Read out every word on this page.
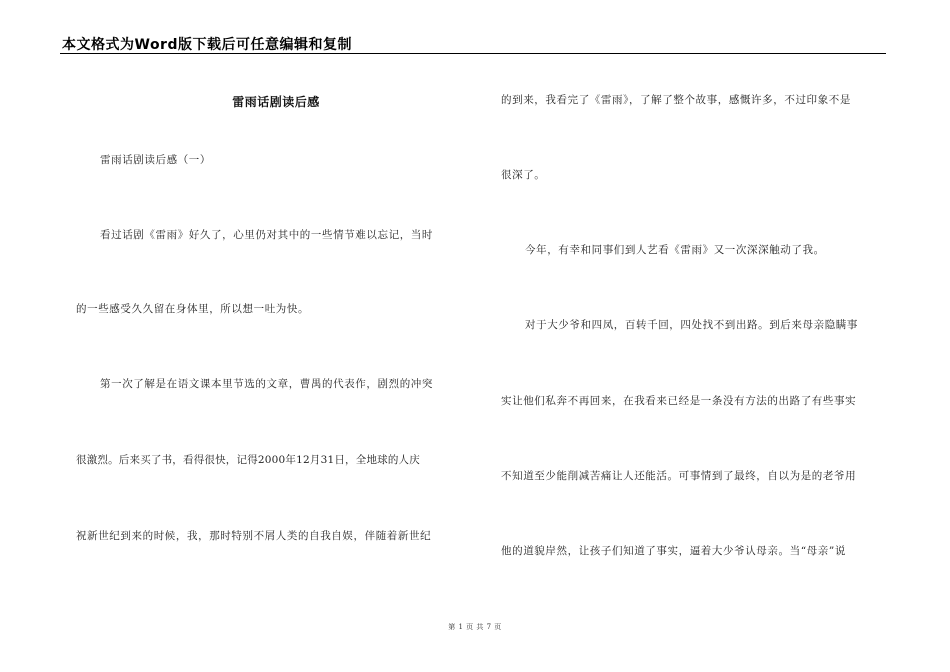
本文格式为Word版下载后可任意编辑和复制
雷雨话剧读后感
雷雨话剧读后感（一）
看过话剧《雷雨》好久了，心里仍对其中的一些情节难以忘记，当时
的一些感受久久留在身体里，所以想一吐为快。
第一次了解是在语文课本里节选的文章，曹禺的代表作，剧烈的冲突
很激烈。后来买了书，看得很快，记得2000年12月31日，全地球的人庆
祝新世纪到来的时候，我，那时特别不屑人类的自我自娱，伴随着新世纪
的到来，我看完了《雷雨》，了解了整个故事，感慨许多，不过印象不是
很深了。
今年，有幸和同事们到人艺看《雷雨》又一次深深触动了我。
对于大少爷和四凤，百转千回，四处找不到出路。到后来母亲隐瞒事
实让他们私奔不再回来，在我看来已经是一条没有方法的出路了有些事实
不知道至少能削减苦痛让人还能活。可事情到了最终，自以为是的老爷用
他的道貌岸然，让孩子们知道了事实，逼着大少爷认母亲。当“母亲”说
第 1 页 共 7 页
